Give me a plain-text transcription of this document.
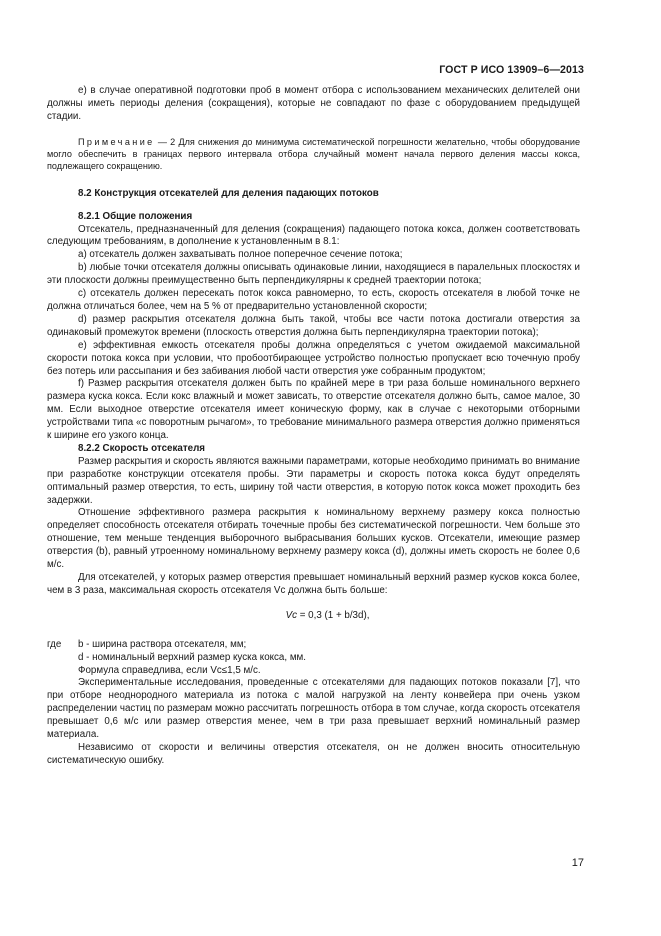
ГОСТ Р ИСО 13909–6—2013

е) в случае оперативной подготовки проб в момент отбора с использованием механических делителей они должны иметь периоды деления (сокращения), которые не совпадают по фазе с оборудованием предыдущей стадии.

Примечание — 2 Для снижения до минимума систематической погрешности желательно, чтобы оборудование могло обеспечить в границах первого интервала отбора случайный момент начала первого деления массы кокса, подлежащего сокращению.

8.2 Конструкция отсекателей для деления падающих потоков

8.2.1 Общие положения

Отсекатель, предназначенный для деления (сокращения) падающего потока кокса, должен соответствовать следующим требованиям, в дополнение к установленным в 8.1:

а) отсекатель должен захватывать полное поперечное сечение потока;

b) любые точки отсекателя должны описывать одинаковые линии, находящиеся в паралельных плоскостях и эти плоскости должны преимущественно быть перпендикулярны к средней траектории потока;

с) отсекатель должен пересекать поток кокса равномерно, то есть, скорость отсекателя в любой точке не должна отличаться более, чем на 5 % от предварительно установленной скорости;

d) размер раскрытия отсекателя должна быть такой, чтобы все части потока достигали отверстия за одинаковый промежуток времени (плоскость отверстия должна быть перпендикулярна траектории потока);

е) эффективная емкость отсекателя пробы должна определяться с учетом ожидаемой максимальной скорости потока кокса при условии, что пробоотбирающее устройство полностью пропускает всю точечную пробу без потерь или рассыпания и без забивания любой части отверстия уже собранным продуктом;

f) Размер раскрытия отсекателя должен быть по крайней мере в три раза больше номинального верхнего размера куска кокса. Если кокс влажный и может зависать, то отверстие отсекателя должно быть, самое малое, 30 мм. Если выходное отверстие отсекателя имеет коническую форму, как в случае с некоторыми отборными устройствами типа «с поворотным рычагом», то требование минимального размера отверстия должно применяться к ширине его узкого конца.

8.2.2 Скорость отсекателя

Размер раскрытия и скорость являются важными параметрами, которые необходимо принимать во внимание при разработке конструкции отсекателя пробы. Эти параметры и скорость потока кокса будут определять оптимальный размер отверстия, то есть, ширину той части отверстия, в которую поток кокса может проходить без задержки.

Отношение эффективного размера раскрытия к номинальному верхнему размеру кокса полностью определяет способность отсекателя отбирать точечные пробы без систематической погрешности. Чем больше это отношение, тем меньше тенденция выборочного выбрасывания больших кусков. Отсекатели, имеющие размер отверстия (b), равный утроенному номинальному верхнему размеру кокса (d), должны иметь скорость не более 0,6 м/с.

Для отсекателей, у которых размер отверстия превышает номинальный верхний размер кусков кокса более, чем в 3 раза, максимальная скорость отсекателя Vc должна быть больше:

Vc = 0,3 (1 + b/3d),

где	b - ширина раствора отсекателя, мм;

d - номинальный верхний размер куска кокса, мм.

Формула справедлива, если Vc≤1,5 м/с.

Экспериментальные исследования, проведенные с отсекателями для падающих потоков показали [7], что при отборе неоднородного материала из потока с малой нагрузкой на ленту конвейера при очень узком распределении частиц по размерам можно рассчитать погрешность отбора в том случае, когда скорость отсекателя превышает 0,6 м/с или размер отверстия менее, чем в три раза превышает верхний номинальный размер материала.

Независимо от скорости и величины отверстия отсекателя, он не должен вносить относительную систематическую ошибку.

17
